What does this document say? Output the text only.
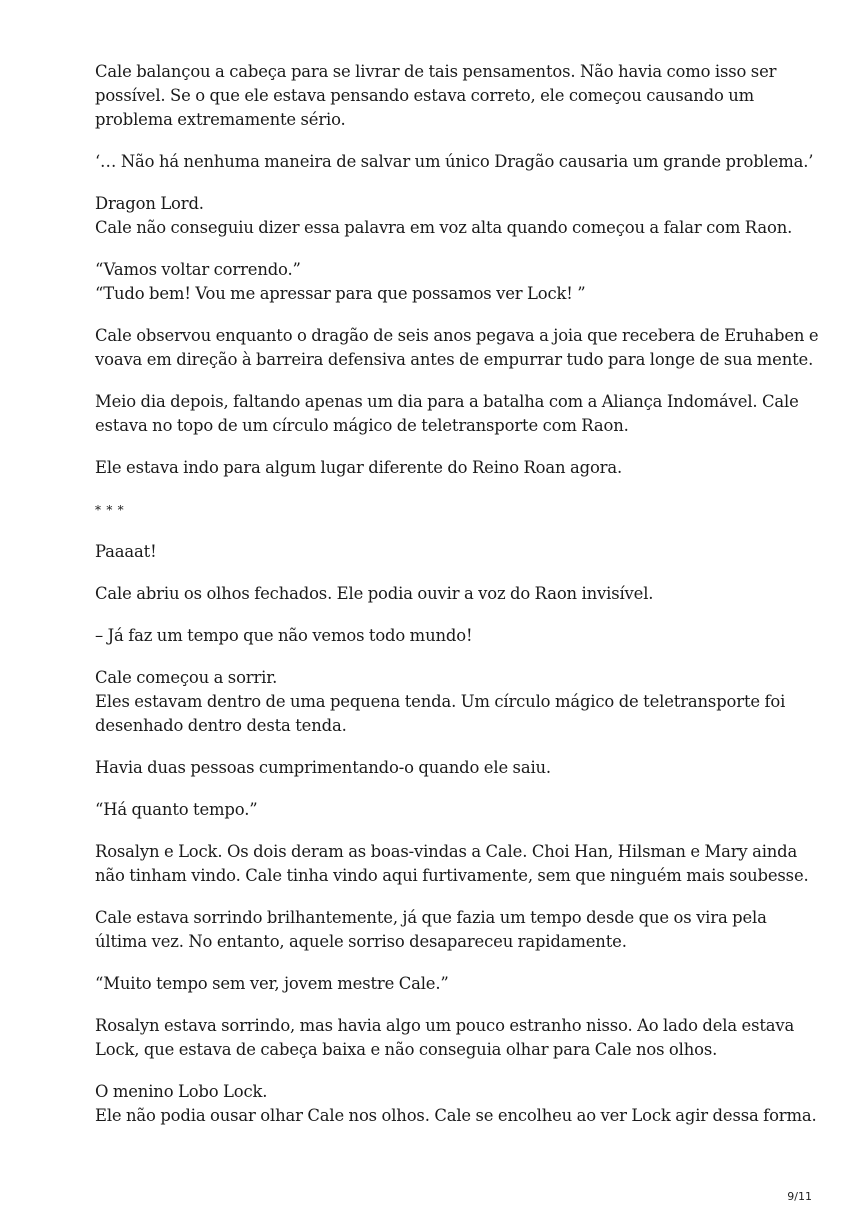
Cale balançou a cabeça para se livrar de tais pensamentos. Não havia como isso ser
possível. Se o que ele estava pensando estava correto, ele começou causando um
problema extremamente sério.

‘… Não há nenhuma maneira de salvar um único Dragão causaria um grande problema.’

Dragon Lord.
Cale não conseguiu dizer essa palavra em voz alta quando começou a falar com Raon.

“Vamos voltar correndo.”
“Tudo bem! Vou me apressar para que possamos ver Lock! ”

Cale observou enquanto o dragão de seis anos pegava a joia que recebera de Eruhaben e
voava em direção à barreira defensiva antes de empurrar tudo para longe de sua mente.

Meio dia depois, faltando apenas um dia para a batalha com a Aliança Indomável. Cale
estava no topo de um círculo mágico de teletransporte com Raon.

Ele estava indo para algum lugar diferente do Reino Roan agora.

* * *

Paaaat!

Cale abriu os olhos fechados. Ele podia ouvir a voz do Raon invisível.

– Já faz um tempo que não vemos todo mundo!

Cale começou a sorrir.
Eles estavam dentro de uma pequena tenda. Um círculo mágico de teletransporte foi
desenhado dentro desta tenda.

Havia duas pessoas cumprimentando-o quando ele saiu.

“Há quanto tempo.”

Rosalyn e Lock. Os dois deram as boas-vindas a Cale. Choi Han, Hilsman e Mary ainda
não tinham vindo. Cale tinha vindo aqui furtivamente, sem que ninguém mais soubesse.

Cale estava sorrindo brilhantemente, já que fazia um tempo desde que os vira pela
última vez. No entanto, aquele sorriso desapareceu rapidamente.

“Muito tempo sem ver, jovem mestre Cale.”

Rosalyn estava sorrindo, mas havia algo um pouco estranho nisso. Ao lado dela estava
Lock, que estava de cabeça baixa e não conseguia olhar para Cale nos olhos.

O menino Lobo Lock.
Ele não podia ousar olhar Cale nos olhos. Cale se encolheu ao ver Lock agir dessa forma.

9/11
